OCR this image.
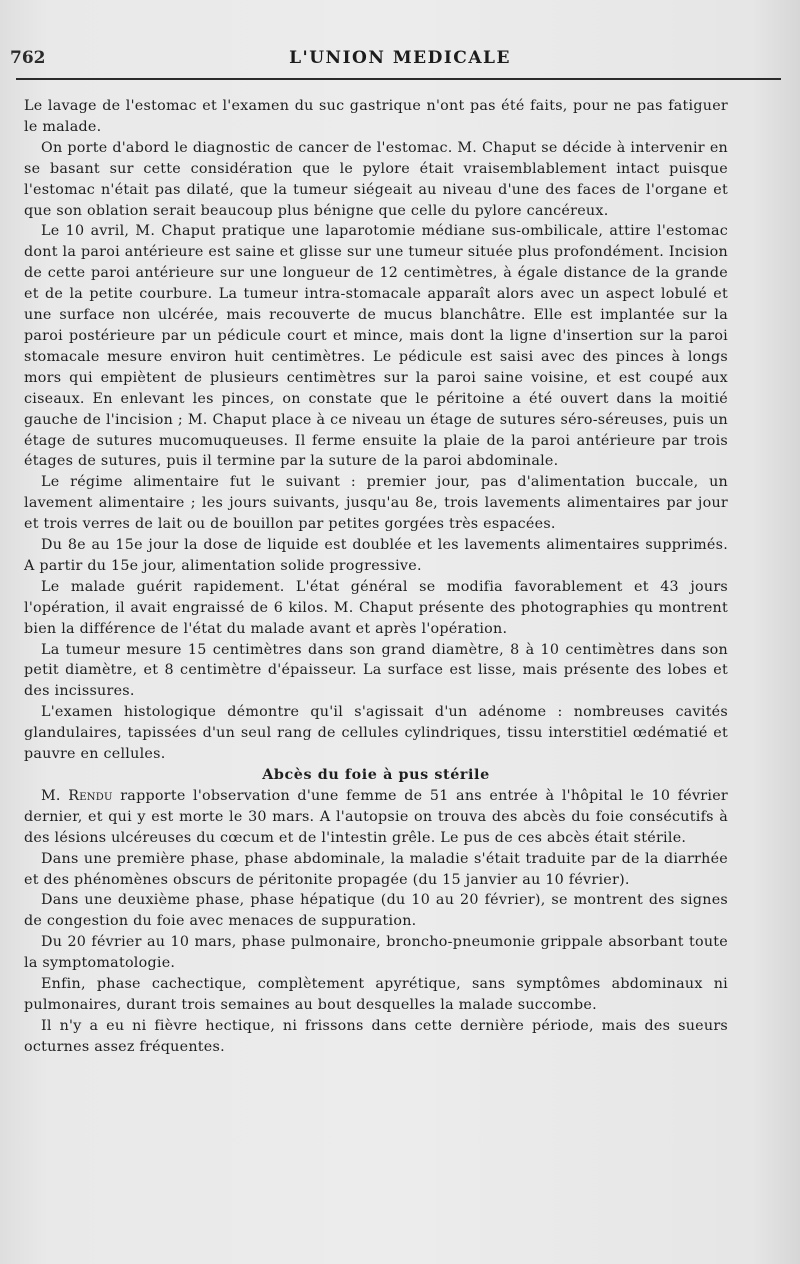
762	L'UNION MEDICALE

Le lavage de l'estomac et l'examen du suc gastrique n'ont pas été faits, pour ne pas fatiguer le malade.

On porte d'abord le diagnostic de cancer de l'estomac. M. Chaput se décide à intervenir en se basant sur cette considération que le pylore était vraisemblablement intact puisque l'estomac n'était pas dilaté, que la tumeur siégeait au niveau d'une des faces de l'organe et que son oblation serait beaucoup plus bénigne que celle du pylore cancéreux.

Le 10 avril, M. Chaput pratique une laparotomie médiane sus-ombilicale, attire l'estomac dont la paroi antérieure est saine et glisse sur une tumeur située plus profondément. Incision de cette paroi antérieure sur une longueur de 12 centimètres, à égale distance de la grande et de la petite courbure. La tumeur intra-stomacale apparaît alors avec un aspect lobulé et une surface non ulcérée, mais recouverte de mucus blanchâtre. Elle est implantée sur la paroi postérieure par un pédicule court et mince, mais dont la ligne d'insertion sur la paroi stomacale mesure environ huit centimètres. Le pédicule est saisi avec des pinces à longs mors qui empiètent de plusieurs centimètres sur la paroi saine voisine, et est coupé aux ciseaux. En enlevant les pinces, on constate que le péritoine a été ouvert dans la moitié gauche de l'incision ; M. Chaput place à ce niveau un étage de sutures séro-séreuses, puis un étage de sutures mucomuqueuses. Il ferme ensuite la plaie de la paroi antérieure par trois étages de sutures, puis il termine par la suture de la paroi abdominale.

Le régime alimentaire fut le suivant : premier jour, pas d'alimentation buccale, un lavement alimentaire ; les jours suivants, jusqu'au 8e, trois lavements alimentaires par jour et trois verres de lait ou de bouillon par petites gorgées très espacées.

Du 8e au 15e jour la dose de liquide est doublée et les lavements alimentaires supprimés. A partir du 15e jour, alimentation solide progressive.

Le malade guérit rapidement. L'état général se modifia favorablement et 43 jours l'opération, il avait engraissé de 6 kilos. M. Chaput présente des photographies qu montrent bien la différence de l'état du malade avant et après l'opération.

La tumeur mesure 15 centimètres dans son grand diamètre, 8 à 10 centimètres dans son petit diamètre, et 8 centimètre d'épaisseur. La surface est lisse, mais présente des lobes et des incissures.

L'examen histologique démontre qu'il s'agissait d'un adénome : nombreuses cavités glandulaires, tapissées d'un seul rang de cellules cylindriques, tissu interstitiel œdématié et pauvre en cellules.

Abcès du foie à pus stérile

M. Rendu rapporte l'observation d'une femme de 51 ans entrée à l'hôpital le 10 février dernier, et qui y est morte le 30 mars. A l'autopsie on trouva des abcès du foie consécutifs à des lésions ulcéreuses du cœcum et de l'intestin grêle. Le pus de ces abcès était stérile.

Dans une première phase, phase abdominale, la maladie s'était traduite par de la diarrhée et des phénomènes obscurs de péritonite propagée (du 15 janvier au 10 février).

Dans une deuxième phase, phase hépatique (du 10 au 20 février), se montrent des signes de congestion du foie avec menaces de suppuration.

Du 20 février au 10 mars, phase pulmonaire, broncho-pneumonie grippale absorbant toute la symptomatologie.

Enfin, phase cachectique, complètement apyrétique, sans symptômes abdominaux ni pulmonaires, durant trois semaines au bout desquelles la malade succombe.

Il n'y a eu ni fièvre hectique, ni frissons dans cette dernière période, mais des sueurs octurnes assez fréquentes.
